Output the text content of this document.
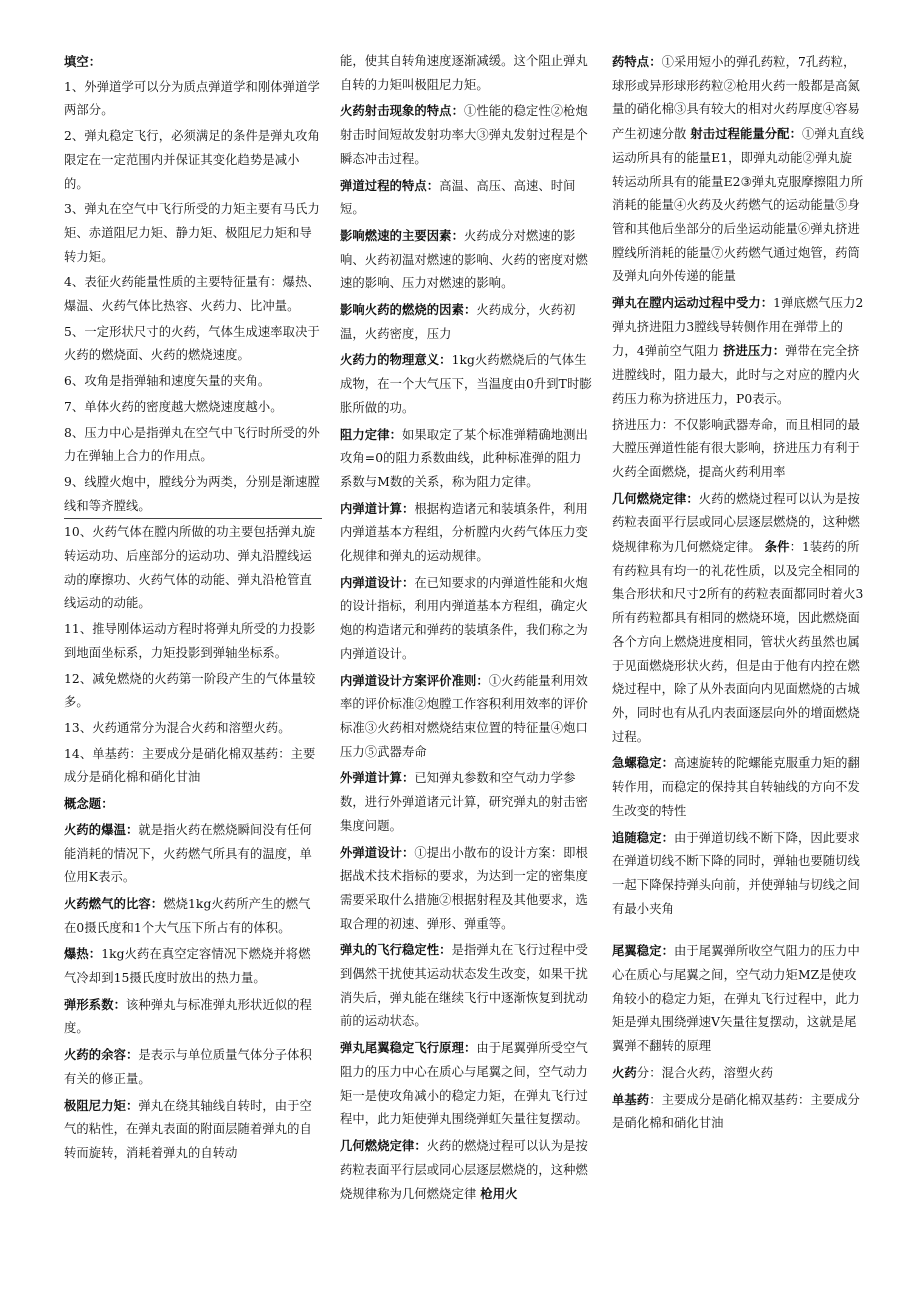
填空：
1、外弹道学可以分为质点弹道学和刚体弹道学两部分。
2、弹丸稳定飞行，必须满足的条件是弹丸攻角限定在一定范围内并保证其变化趋势是减小的。
3、弹丸在空气中飞行所受的力矩主要有马氏力矩、赤道阻尼力矩、静力矩、极阻尼力矩和导转力矩。
4、表征火药能量性质的主要特征量有：爆热、爆温、火药气体比热容、火药力、比冲量。
5、一定形状尺寸的火药，气体生成速率取决于火药的燃烧面、火药的燃烧速度。
6、攻角是指弹轴和速度矢量的夹角。
7、单体火药的密度越大燃烧速度越小。
8、压力中心是指弹丸在空气中飞行时所受的外力在弹轴上合力的作用点。
9、线膛火炮中，膛线分为两类，分别是渐速膛线和等齐膛线。
10、火药气体在膛内所做的功主要包括弹丸旋转运动功、后座部分的运动功、弹丸沿膛线运动的摩擦功、火药气体的动能、弹丸沿枪管直线运动的动能。
11、推导刚体运动方程时将弹丸所受的力投影到地面坐标系，力矩投影到弹轴坐标系。
12、减免燃烧的火药第一阶段产生的气体量较多。
13、火药通常分为混合火药和溶塑火药。
14、单基药：主要成分是硝化棉双基药：主要成分是硝化棉和硝化甘油
概念题：
火药的爆温：就是指火药在燃烧瞬间没有任何能消耗的情况下，火药燃气所具有的温度，单位用K表示。
火药燃气的比容：燃烧1kg火药所产生的燃气在0摄氏度和1个大气压下所占有的体积。
爆热：1kg火药在真空定容情况下燃烧并将燃气冷却到15摄氏度时放出的热力量。
弹形系数：该种弹丸与标准弹丸形状近似的程度。
火药的余容：是表示与单位质量气体分子体积有关的修正量。
极阻尼力矩：弹丸在绕其轴线自转时，由于空气的粘性，在弹丸表面的附面层随着弹丸的自转而旋转，消耗着弹丸的自转动
能，使其自转角速度逐渐减缓。这个阻止弹丸自转的力矩叫极阻尼力矩。
火药射击现象的特点：①性能的稳定性②枪炮射击时间短故发射功率大③弹丸发射过程是个瞬态冲击过程。
弹道过程的特点：高温、高压、高速、时间短。
影响燃速的主要因素：火药成分对燃速的影响、火药初温对燃速的影响、火药的密度对燃速的影响、压力对燃速的影响。
影响火药的燃烧的因素：火药成分，火药初温，火药密度，压力
火药力的物理意义：1kg火药燃烧后的气体生成物，在一个大气压下，当温度由0升到T时膨胀所做的功。
阻力定律：如果取定了某个标准弹精确地测出攻角=0的阻力系数曲线，此种标准弹的阻力系数与M数的关系，称为阻力定律。
内弹道计算：根据构造诸元和装填条件，利用内弹道基本方程组，分析膛内火药气体压力变化规律和弹丸的运动规律。
内弹道设计：在已知要求的内弹道性能和火炮的设计指标，利用内弹道基本方程组，确定火炮的构造诸元和弹药的装填条件，我们称之为内弹道设计。
内弹道设计方案评价准则：①火药能量利用效率的评价标准②炮膛工作容积利用效率的评价标准③火药相对燃烧结束位置的特征量④炮口压力⑤武器寿命
外弹道计算：已知弹丸参数和空气动力学参数，进行外弹道诸元计算，研究弹丸的射击密集度问题。
外弹道设计：①提出小散布的设计方案：即根据战术技术指标的要求，为达到一定的密集度需要采取什么措施②根据射程及其他要求，选取合理的初速、弹形、弹重等。
弹丸的飞行稳定性：是指弹丸在飞行过程中受到偶然干扰使其运动状态发生改变，如果干扰消失后，弹丸能在继续飞行中逐渐恢复到扰动前的运动状态。
弹丸尾翼稳定飞行原理：由于尾翼弹所受空气阻力的压力中心在质心与尾翼之间，空气动力矩一是使攻角减小的稳定力矩，在弹丸飞行过程中，此力矩使弹丸围绕弹虹矢量往复摆动。
几何燃烧定律：火药的燃烧过程可以认为是按药粒表面平行层或同心层逐层燃烧的，这种燃烧规律称为几何燃烧定律 枪用火
药特点：①采用短小的弹孔药粒，7孔药粒，球形或异形球形药粒②枪用火药一般都是高氮量的硝化棉③具有较大的相对火药厚度④容易产生初速分散 射击过程能量分配：①弹丸直线运动所具有的能量E1，即弹丸动能②弹丸旋转运动所具有的能量E2③弹丸克服摩擦阻力所消耗的能量④火药及火药燃气的运动能量⑤身管和其他后坐部分的后坐运动能量⑥弹丸挤进膛线所消耗的能量⑦火药燃气通过炮管，药筒及弹丸向外传递的能量
弹丸在膛内运动过程中受力：1弹底燃气压力2弹丸挤进阻力3膛线导转侧作用在弹带上的力，4弹前空气阻力 挤进压力：弹带在完全挤进膛线时，阻力最大，此时与之对应的膛内火药压力称为挤进压力，P0表示。
挤进压力：不仅影响武器寿命，而且相同的最大膛压弹道性能有很大影响，挤进压力有利于火药全面燃烧，提高火药利用率
几何燃烧定律：火药的燃烧过程可以认为是按药粒表面平行层或同心层逐层燃烧的，这种燃烧规律称为几何燃烧定律。 条件：1装药的所有药粒具有均一的礼花性质，以及完全相同的集合形状和尺寸2所有的药粒表面都同时着火3所有药粒都具有相同的燃烧环境，因此燃烧面各个方向上燃烧进度相同，管状火药虽然也属于见面燃烧形状火药，但是由于他有内控在燃烧过程中，除了从外表面向内见面燃烧的古城外，同时也有从孔内表面逐层向外的增面燃烧过程。
急螺稳定：高速旋转的陀螺能克服重力矩的翻转作用，而稳定的保持其自转轴线的方向不发生改变的特性
追随稳定：由于弹道切线不断下降，因此要求在弹道切线不断下降的同时，弹轴也要随切线一起下降保持弹头向前，并使弹轴与切线之间有最小夹角
尾翼稳定：由于尾翼弹所收空气阻力的压力中心在质心与尾翼之间，空气动力矩MZ是使攻角较小的稳定力矩，在弹丸飞行过程中，此力矩是弹丸围绕弹速V矢量往复摆动，这就是尾翼弹不翻转的原理
火药分：混合火药，溶塑火药
单基药：主要成分是硝化棉双基药：主要成分是硝化棉和硝化甘油
